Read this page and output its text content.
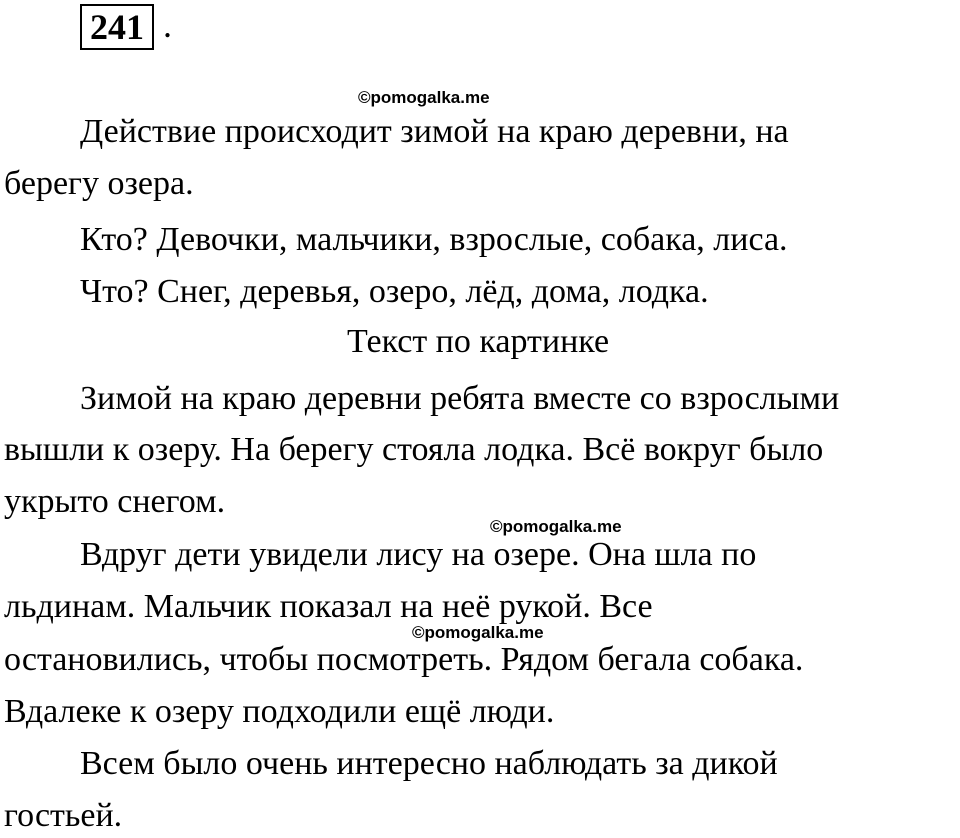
241 .
©pomogalka.me
Действие происходит зимой на краю деревни, на
берегу озера.
Кто? Девочки, мальчики, взрослые, собака, лиса.
Что? Снег, деревья, озеро, лёд, дома, лодка.
Текст по картинке
Зимой на краю деревни ребята вместе со взрослыми
вышли к озеру. На берегу стояла лодка. Всё вокруг было
укрыто снегом.
©pomogalka.me
Вдруг дети увидели лису на озере. Она шла по
льдинам. Мальчик показал на неё рукой. Все
©pomogalka.me
остановились, чтобы посмотреть. Рядом бегала собака.
Вдалеке к озеру подходили ещё люди.
Всем было очень интересно наблюдать за дикой
гостьей.
